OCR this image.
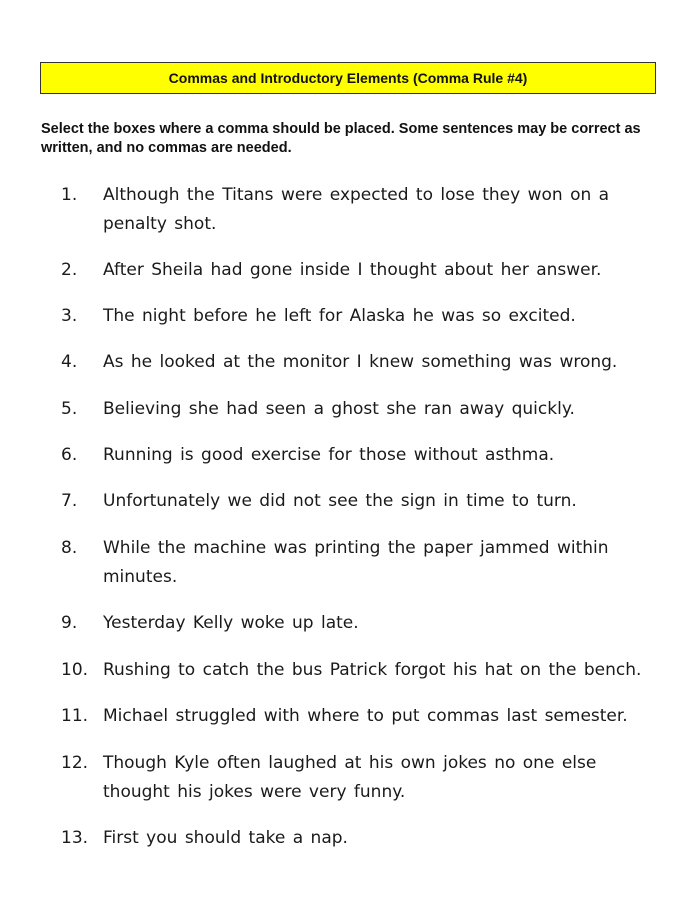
Commas and Introductory Elements (Comma Rule #4)
Select the boxes where a comma should be placed. Some sentences may be correct as written, and no commas are needed.
1.	Although the Titans were expected to lose they won on a penalty shot.
2.	After Sheila had gone inside I thought about her answer.
3.	The night before he left for Alaska he was so excited.
4.	As he looked at the monitor I knew something was wrong.
5.	Believing she had seen a ghost she ran away quickly.
6.	Running is good exercise for those without asthma.
7.	Unfortunately we did not see the sign in time to turn.
8.	While the machine was printing the paper jammed within minutes.
9.	Yesterday Kelly woke up late.
10. Rushing to catch the bus Patrick forgot his hat on the bench.
11. Michael struggled with where to put commas last semester.
12. Though Kyle often laughed at his own jokes no one else thought his jokes were very funny.
13. First you should take a nap.
